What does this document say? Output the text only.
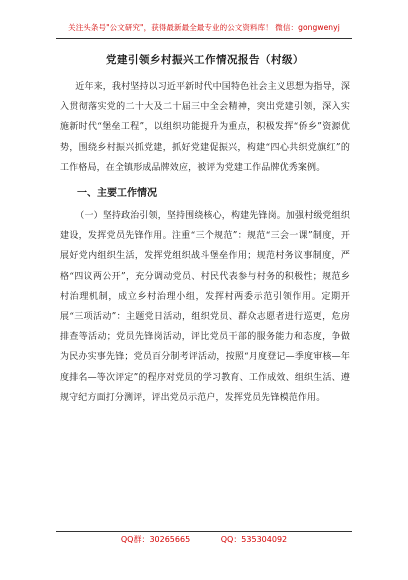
关注头条号"公文研究"，获得最新最全最专业的公文资料库！ 微信：gongwenyj
党建引领乡村振兴工作情况报告（村级）

近年来，我村坚持以习近平新时代中国特色社会主义思想为指导，深入贯彻落实党的二十大及二十届三中全会精神，突出党建引领，深入实施新时代“堡垒工程”，以组织功能提升为重点，积极发挥“侨乡”资源优势，围绕乡村振兴抓党建，抓好党建促振兴，构建“四心共织党旗红”的工作格局，在全镇形成品牌效应，被评为党建工作品牌优秀案例。

一、主要工作情况

（一）坚持政治引领，坚持围绕核心，构建先锋岗。加强村级党组织建设，发挥党员先锋作用。注重“三个规范”：规范“三会一课”制度，开展好党内组织生活，发挥党组织战斗堡垒作用；规范村务议事制度，严格“四议两公开”，充分调动党员、村民代表参与村务的积极性；规范乡村治理机制，成立乡村治理小组，发挥村两委示范引领作用。定期开展“三项活动”：主题党日活动，组织党员、群众志愿者进行巡更，危房排查等活动；党员先锋岗活动，评比党员干部的服务能力和态度，争做为民办实事先锋；党员百分制考评活动，按照“月度登记—季度审核—年度排名—等次评定”的程序对党员的学习教育、工作成效、组织生活、遵规守纪方面打分测评，评出党员示范户，发挥党员先锋模范作用。

QQ群：30265665	QQ：535304092
